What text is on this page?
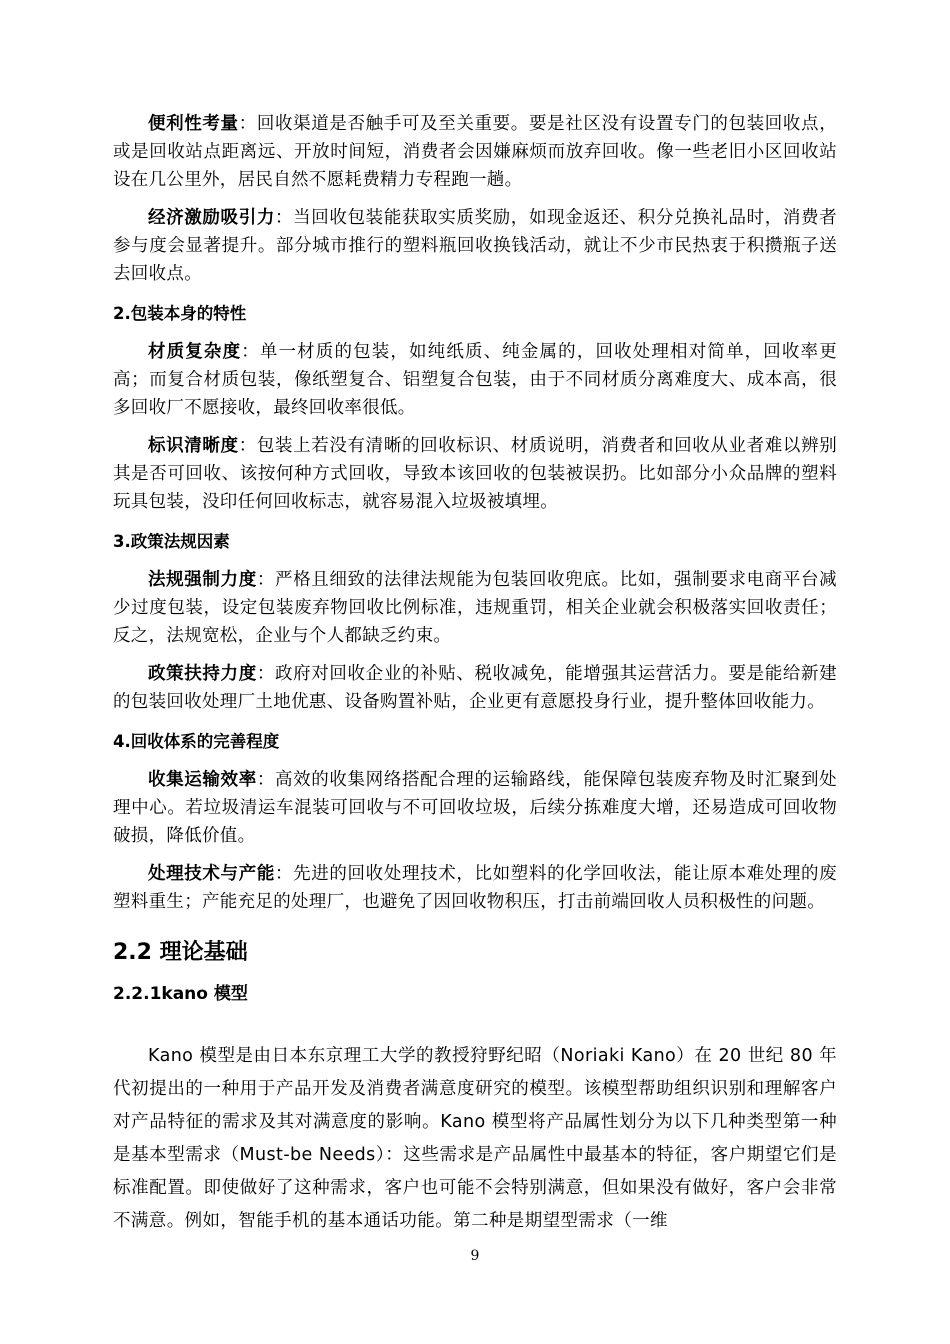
便利性考量：回收渠道是否触手可及至关重要。要是社区没有设置专门的包装回收点，或是回收站点距离远、开放时间短，消费者会因嫌麻烦而放弃回收。像一些老旧小区回收站设在几公里外，居民自然不愿耗费精力专程跑一趟。

经济激励吸引力：当回收包装能获取实质奖励，如现金返还、积分兑换礼品时，消费者参与度会显著提升。部分城市推行的塑料瓶回收换钱活动，就让不少市民热衷于积攒瓶子送去回收点。

2.包装本身的特性

材质复杂度：单一材质的包装，如纯纸质、纯金属的，回收处理相对简单，回收率更高；而复合材质包装，像纸塑复合、铝塑复合包装，由于不同材质分离难度大、成本高，很多回收厂不愿接收，最终回收率很低。

标识清晰度：包装上若没有清晰的回收标识、材质说明，消费者和回收从业者难以辨别其是否可回收、该按何种方式回收，导致本该回收的包装被误扔。比如部分小众品牌的塑料玩具包装，没印任何回收标志，就容易混入垃圾被填埋。

3.政策法规因素

法规强制力度：严格且细致的法律法规能为包装回收兜底。比如，强制要求电商平台减少过度包装，设定包装废弃物回收比例标准，违规重罚，相关企业就会积极落实回收责任；反之，法规宽松，企业与个人都缺乏约束。

政策扶持力度：政府对回收企业的补贴、税收减免，能增强其运营活力。要是能给新建的包装回收处理厂土地优惠、设备购置补贴，企业更有意愿投身行业，提升整体回收能力。

4.回收体系的完善程度

收集运输效率：高效的收集网络搭配合理的运输路线，能保障包装废弃物及时汇聚到处理中心。若垃圾清运车混装可回收与不可回收垃圾，后续分拣难度大增，还易造成可回收物破损，降低价值。

处理技术与产能：先进的回收处理技术，比如塑料的化学回收法，能让原本难处理的废塑料重生；产能充足的处理厂，也避免了因回收物积压，打击前端回收人员积极性的问题。

2.2 理论基础
2.2.1kano 模型

Kano 模型是由日本东京理工大学的教授狩野纪昭（Noriaki Kano）在 20 世纪 80 年代初提出的一种用于产品开发及消费者满意度研究的模型。该模型帮助组织识别和理解客户对产品特征的需求及其对满意度的影响。Kano 模型将产品属性划分为以下几种类型第一种是基本型需求（Must-be Needs）：这些需求是产品属性中最基本的特征，客户期望它们是标准配置。即使做好了这种需求，客户也可能不会特别满意，但如果没有做好，客户会非常不满意。例如，智能手机的基本通话功能。第二种是期望型需求（一维

9
